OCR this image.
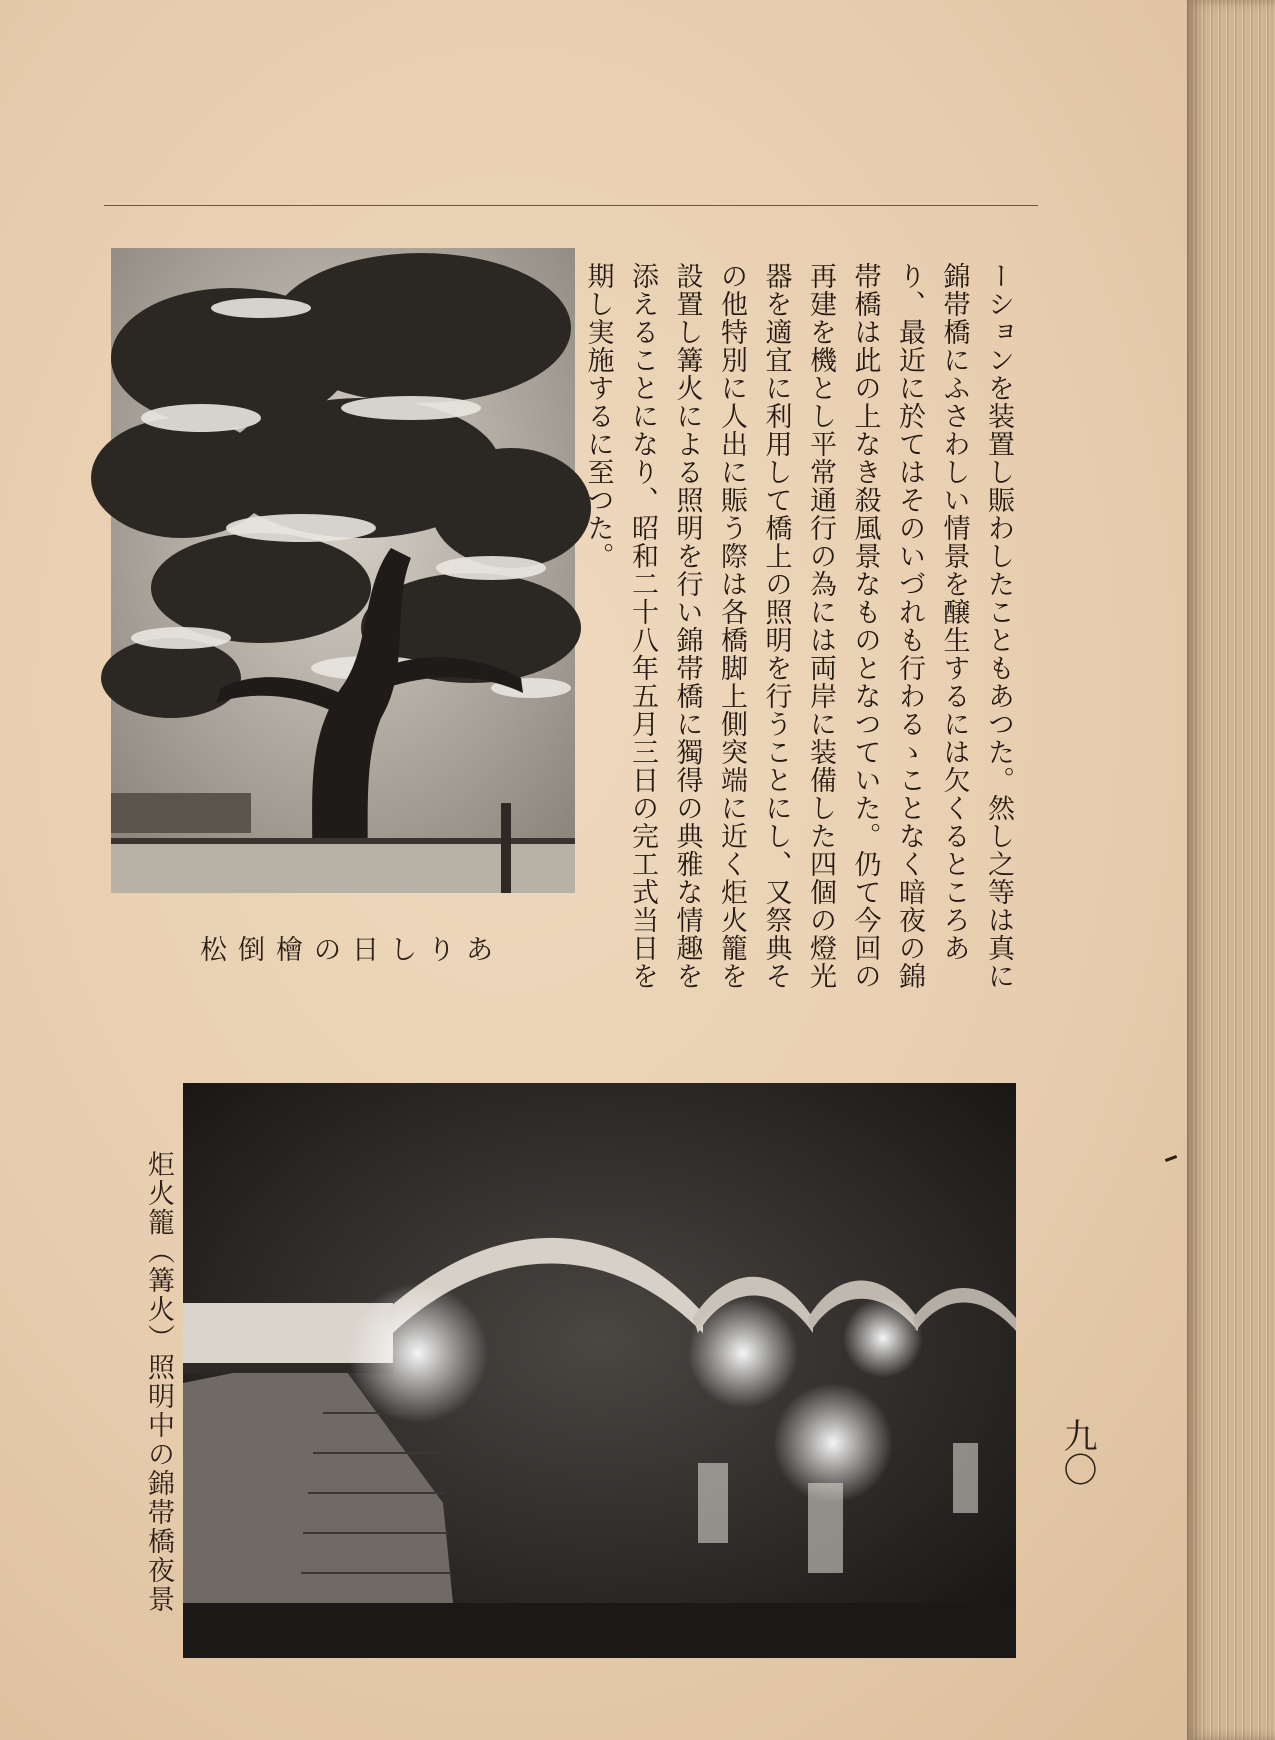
松倒檜の日しりあ	ーションを装置し賑わしたこともあつた。然し之等は真に錦帯橋にふさわしい情景を醸生するには欠くるところあり、最近に於てはそのいづれも行わるゝことなく暗夜の錦帯橋は此の上なき殺風景なものとなつていた。仍て今回の再建を機とし平常通行の為には両岸に装備した四個の燈光器を適宜に利用して橋上の照明を行うことにし、又祭典その他特別に人出に賑う際は各橋脚上側突端に近く炬火籠を設置し篝火による照明を行い錦帯橋に獨得の典雅な情趣を添えることになり、昭和二十八年五月三日の完工式当日を期し実施するに至つた。
炬火籠（篝火）照明中の錦帯橋夜景	九〇
